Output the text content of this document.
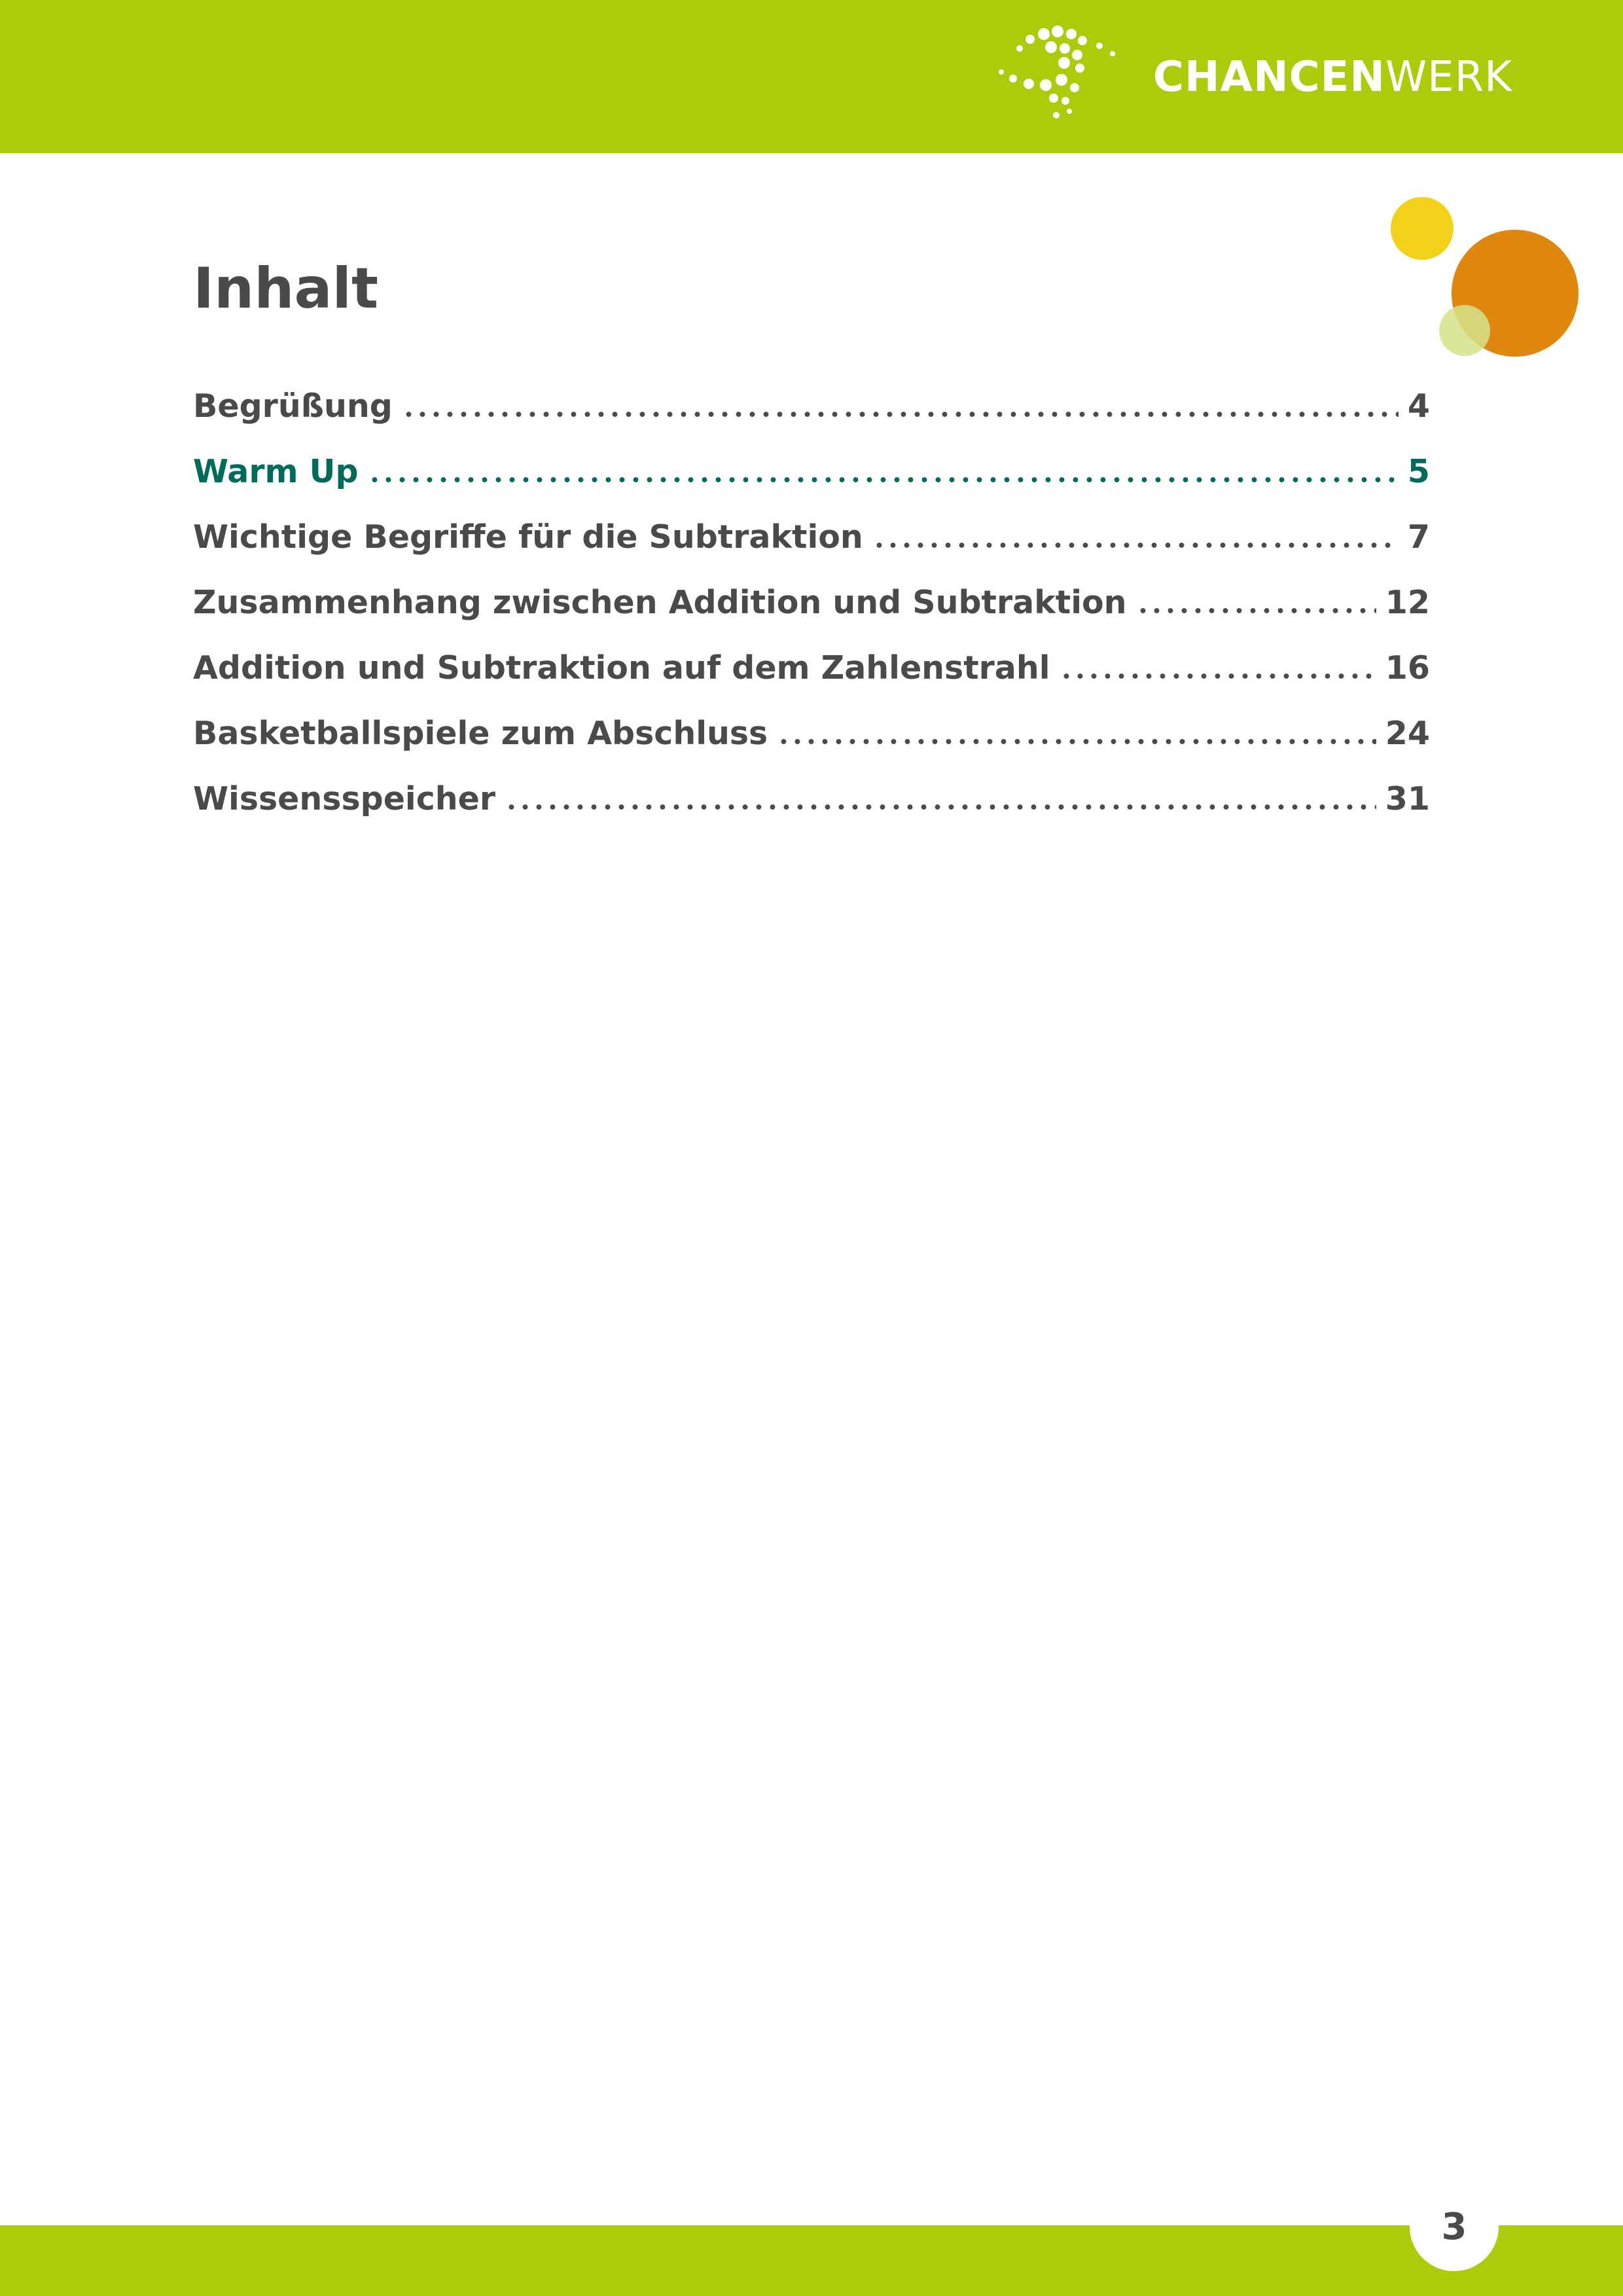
CHANCENWERK
Inhalt
Begrüßung	4
Warm Up	5
Wichtige Begriffe für die Subtraktion	7
Zusammenhang zwischen Addition und Subtraktion	12
Addition und Subtraktion auf dem Zahlenstrahl	16
Basketballspiele zum Abschluss	24
Wissensspeicher	31
3
